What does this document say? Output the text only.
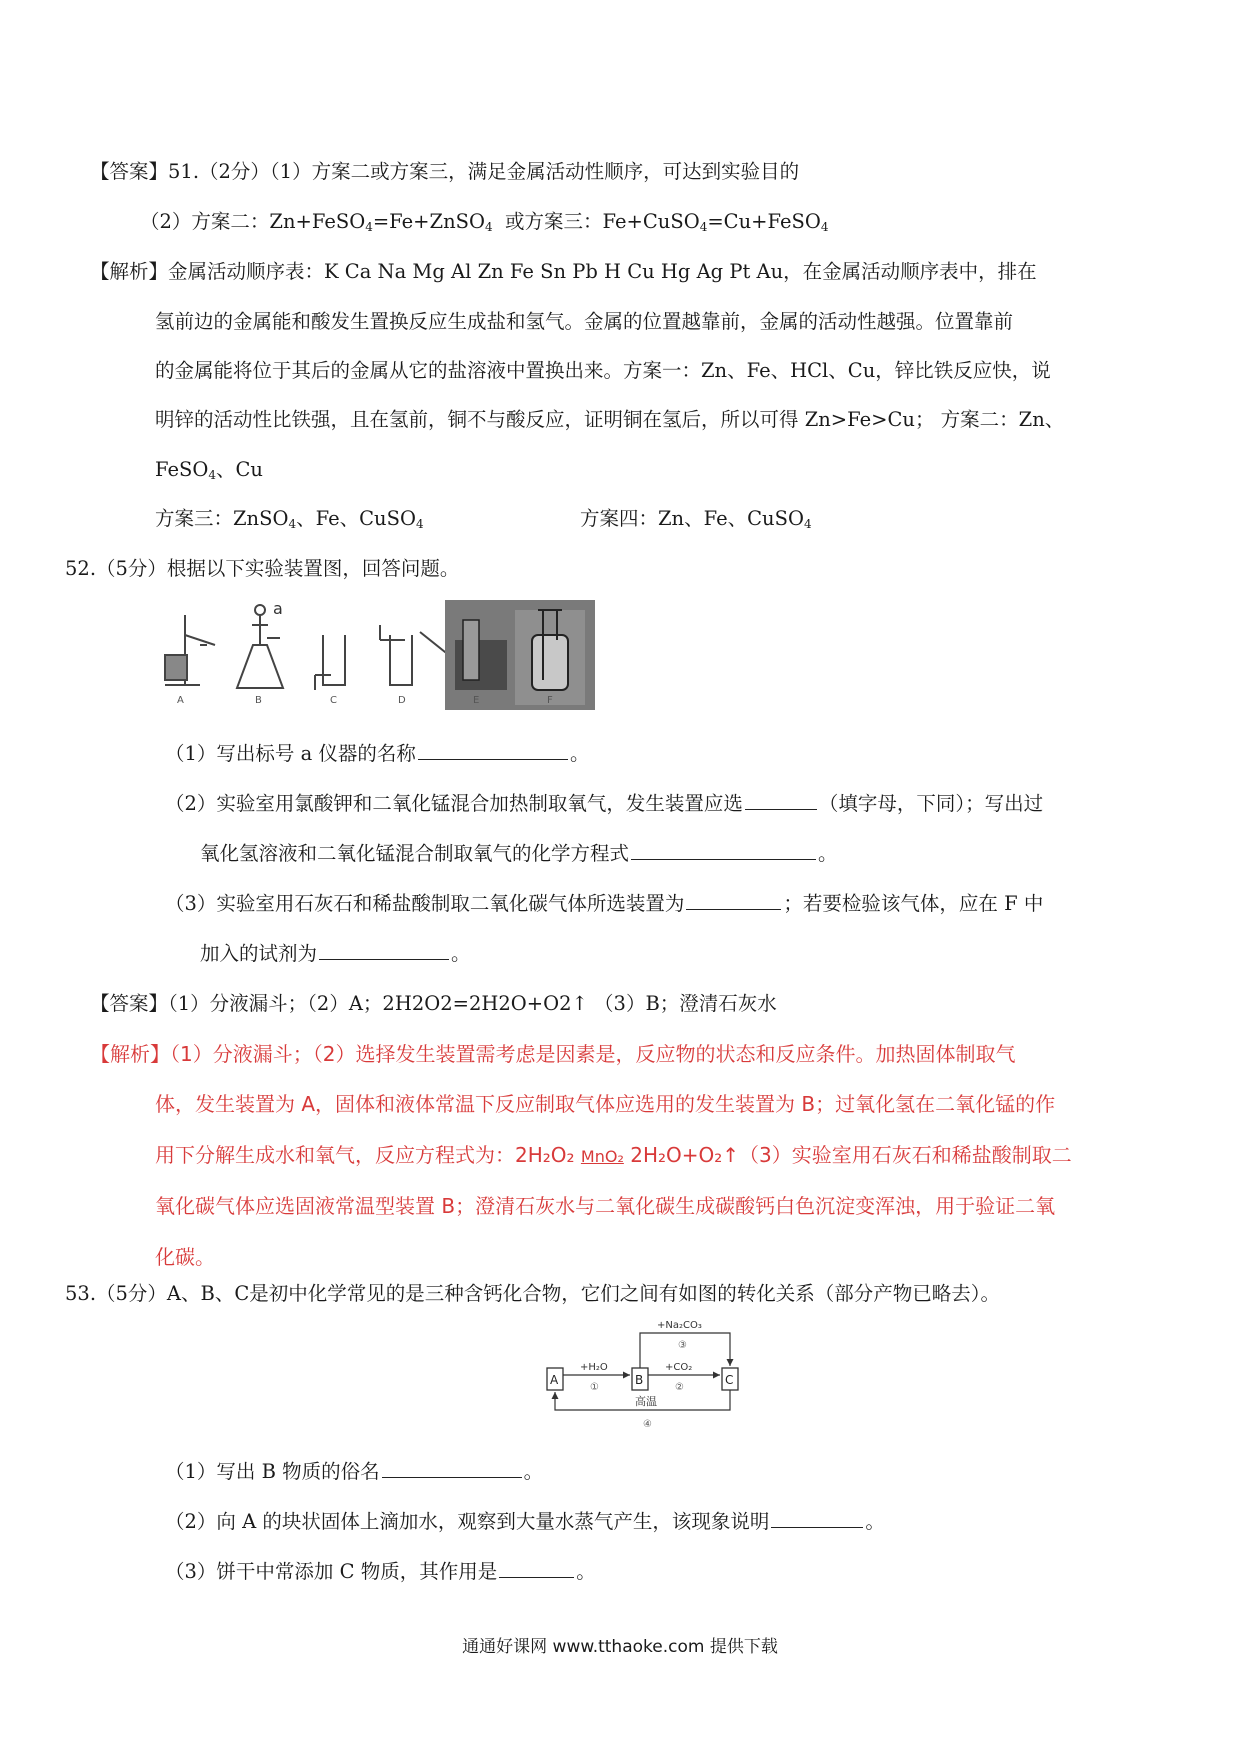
【答案】51.（2分）（1）方案二或方案三，满足金属活动性顺序，可达到实验目的
（2）方案二：Zn+FeSO$_4$=Fe+ZnSO$_4$  或方案三：Fe+CuSO$_4$=Cu+FeSO$_4$
【解析】金属活动顺序表：K Ca Na Mg Al Zn Fe Sn Pb H Cu Hg Ag Pt Au，在金属活动顺序表中，排在
氢前边的金属能和酸发生置换反应生成盐和氢气。金属的位置越靠前，金属的活动性越强。位置靠前
的金属能将位于其后的金属从它的盐溶液中置换出来。方案一：Zn、Fe、HCl、Cu，锌比铁反应快，说
明锌的活动性比铁强，且在氢前，铜不与酸反应，证明铜在氢后，所以可得 Zn>Fe>Cu； 方案二：Zn、
FeSO$_4$、Cu
方案三：ZnSO$_4$、Fe、CuSO$_4$	方案四：Zn、Fe、CuSO$_4$
52.（5分）根据以下实验装置图，回答问题。
a
A	B	C	D	E	F
（1）写出标号 a 仪器的名称	。
（2）实验室用氯酸钾和二氧化锰混合加热制取氧气，发生装置应选	（填字母，下同）；写出过
氧化氢溶液和二氧化锰混合制取氧气的化学方程式	。
（3）实验室用石灰石和稀盐酸制取二氧化碳气体所选装置为	；若要检验该气体，应在 F 中
加入的试剂为	。
【答案】（1）分液漏斗；（2）A；2H2O2=2H2O+O2↑ （3）B；澄清石灰水
【解析】（1）分液漏斗；（2）选择发生装置需考虑是因素是，反应物的状态和反应条件。加热固体制取气
体，发生装置为 A，固体和液体常温下反应制取气体应选用的发生装置为 B；过氧化氢在二氧化锰的作
用下分解生成水和氧气，反应方程式为：2H₂O₂ MnO₂ 2H₂O+O₂↑（3）实验室用石灰石和稀盐酸制取二
氧化碳气体应选固液常温型装置 B；澄清石灰水与二氧化碳生成碳酸钙白色沉淀变浑浊，用于验证二氧
化碳。
53.（5分）A、B、C是初中化学常见的是三种含钙化合物，它们之间有如图的转化关系（部分产物已略去）。
A	B	C
+H₂O
①
+CO₂
②
+Na₂CO₃
③
高温
④
（1）写出 B 物质的俗名	。
（2）向 A 的块状固体上滴加水，观察到大量水蒸气产生，该现象说明	。
（3）饼干中常添加 C 物质，其作用是	。
通通好课网 www.tthaoke.com 提供下载
